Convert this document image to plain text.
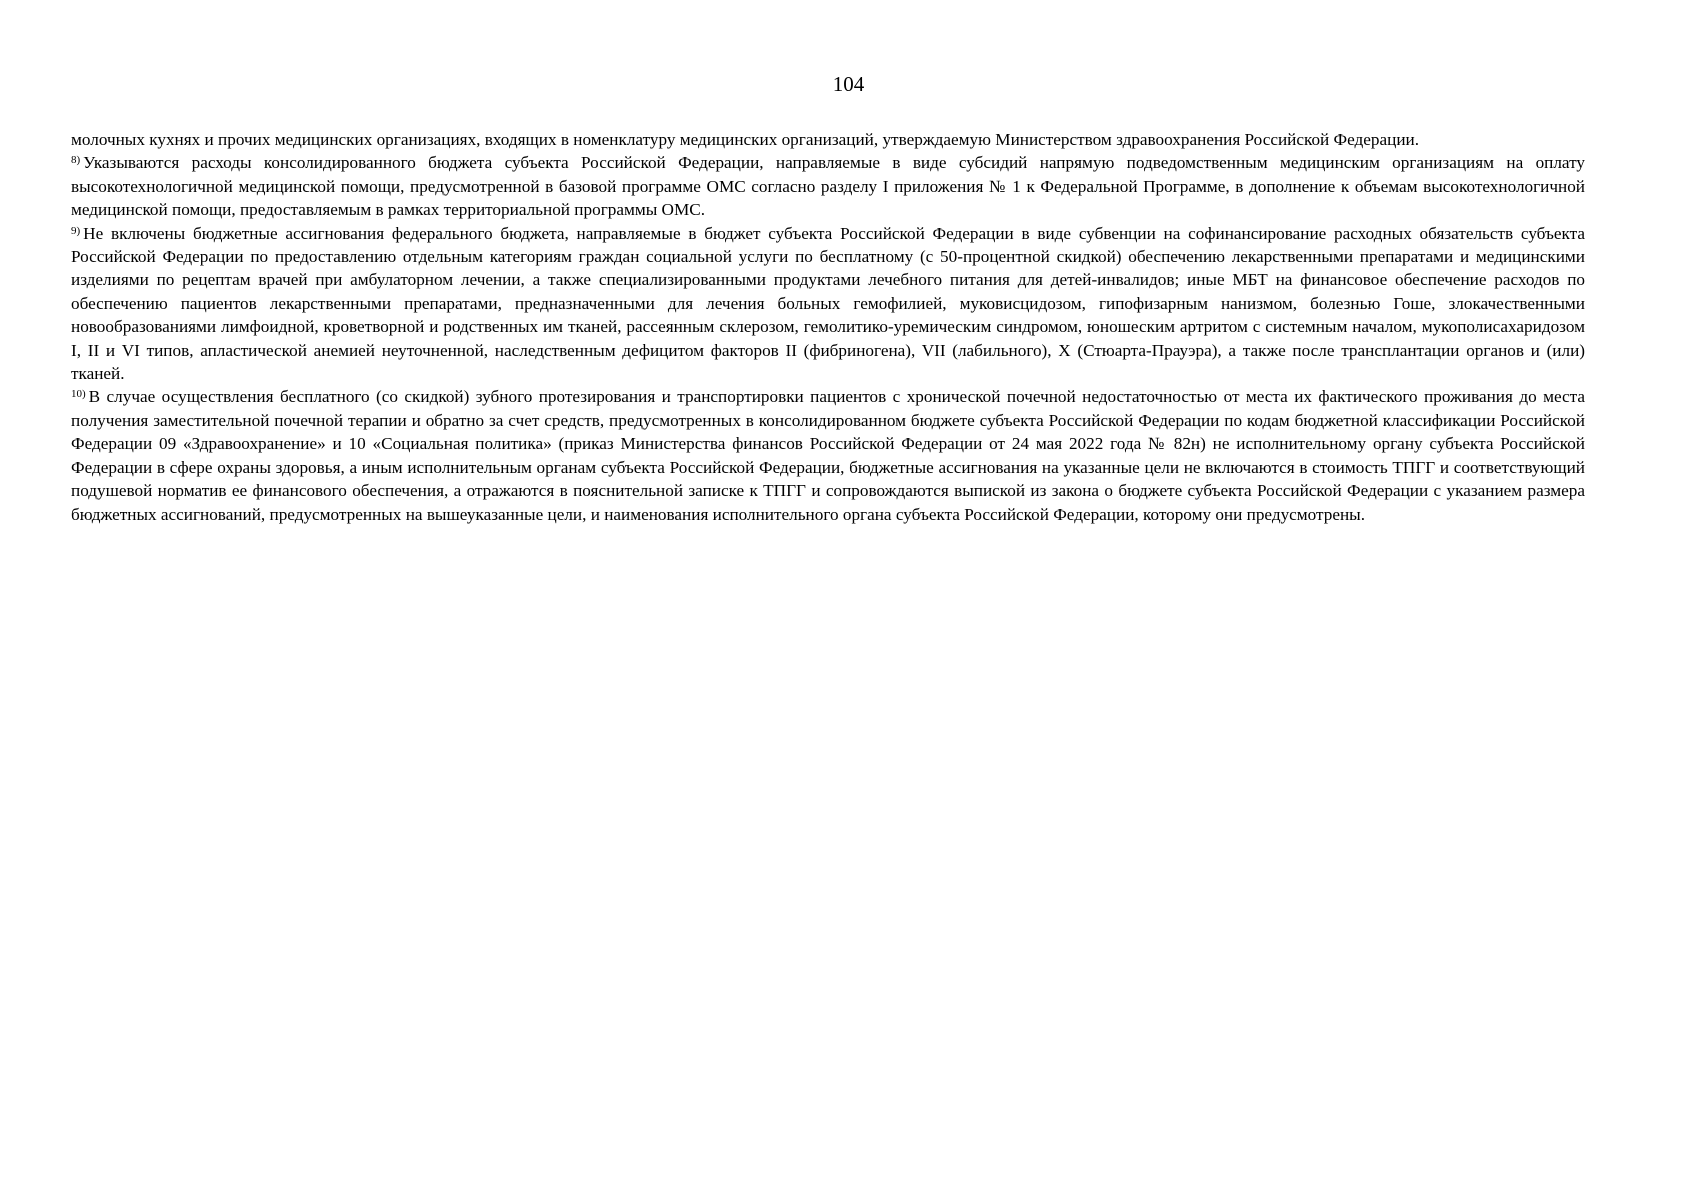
104

молочных кухнях и прочих медицинских организациях, входящих в номенклатуру медицинских организаций, утверждаемую Министерством здравоохранения Российской Федерации.

$^{8)}$ Указываются расходы консолидированного бюджета субъекта Российской Федерации, направляемые в виде субсидий напрямую подведомственным медицинским организациям на оплату высокотехнологичной медицинской помощи, предусмотренной в базовой программе ОМС согласно разделу I приложения № 1 к Федеральной Программе, в дополнение к объемам высокотехнологичной медицинской помощи, предоставляемым в рамках территориальной программы ОМС.

$^{9)}$ Не включены бюджетные ассигнования федерального бюджета, направляемые в бюджет субъекта Российской Федерации в виде субвенции на софинансирование расходных обязательств субъекта Российской Федерации по предоставлению отдельным категориям граждан социальной услуги по бесплатному (с 50-процентной скидкой) обеспечению лекарственными препаратами и медицинскими изделиями по рецептам врачей при амбулаторном лечении, а также специализированными продуктами лечебного питания для детей-инвалидов; иные МБТ на финансовое обеспечение расходов по обеспечению пациентов лекарственными препаратами, предназначенными для лечения больных гемофилией, муковисцидозом, гипофизарным нанизмом, болезнью Гоше, злокачественными новообразованиями лимфоидной, кроветворной и родственных им тканей, рассеянным склерозом, гемолитико-уремическим синдромом, юношеским артритом с системным началом, мукополисахаридозом I, II и VI типов, апластической анемией неуточненной, наследственным дефицитом факторов II (фибриногена), VII (лабильного), X (Стюарта-Прауэра), а также после трансплантации органов и (или) тканей.

$^{10)}$ В случае осуществления бесплатного (со скидкой) зубного протезирования и транспортировки пациентов с хронической почечной недостаточностью от места их фактического проживания до места получения заместительной почечной терапии и обратно за счет средств, предусмотренных в консолидированном бюджете субъекта Российской Федерации по кодам бюджетной классификации Российской Федерации 09 «Здравоохранение» и 10 «Социальная политика» (приказ Министерства финансов Российской Федерации от 24 мая 2022 года № 82н) не исполнительному органу субъекта Российской Федерации в сфере охраны здоровья, а иным исполнительным органам субъекта Российской Федерации, бюджетные ассигнования на указанные цели не включаются в стоимость ТПГГ и соответствующий подушевой норматив ее финансового обеспечения, а отражаются в пояснительной записке к ТПГГ и сопровождаются выпиской из закона о бюджете субъекта Российской Федерации с указанием размера бюджетных ассигнований, предусмотренных на вышеуказанные цели, и наименования исполнительного органа субъекта Российской Федерации, которому они предусмотрены.
